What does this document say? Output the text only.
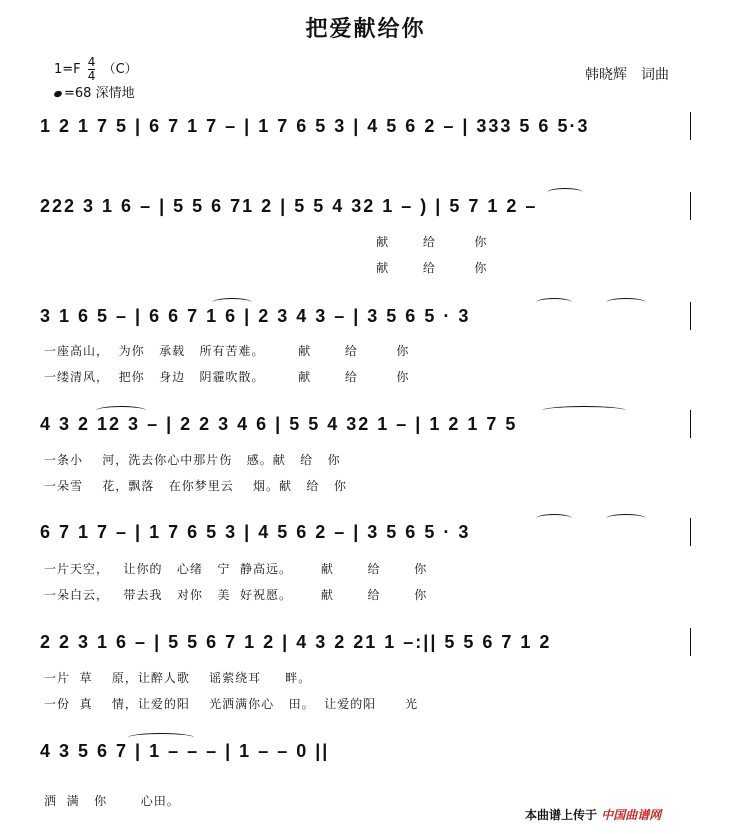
把爱献给你
$1=F \frac{4}{4} (C)$
=68 深情地
韩晓辉　词曲
1 2 1 7 5 | 6 7 1 7 – | 1 7 6 5 3 | 4 5 6 2 – | 333 5 6 5·3
222 3 1 6 – | 5 5 6 71 2 | 5 5 4 32 1 – ) | 5 7 1 2 –
献       给        你
献       给        你
3 1 6 5 – | 6 6 7 1 6 | 2 3 4 3 – | 3 5 6 5 · 3
一座高山，  为你   承载   所有苦难。       献       给        你
一缕清风，  把你   身边   阴霾吹散。       献       给        你
4 3 2 12 3 – | 2 2 3 4 6 | 5 5 4 32 1 – | 1 2 1 7 5
一条小    河，洗去你心中那片伤   感。献   给   你
一朵雪    花，飘落   在你梦里云    烟。献   给   你
6 7 1 7 – | 1 7 6 5 3 | 4 5 6 2 – | 3 5 6 5 · 3
一片天空，   让你的   心绪   宁  静高远。      献       给       你
一朵白云，   带去我   对你   美  好祝愿。      献       给       你
2 2 3 1 6 – | 5 5 6 7 1 2 | 4 3 2 21 1 –:|| 5 5 6 7 1 2
一片  草    原，让醉人歌    谣萦绕耳     畔。
一份  真    情，让爱的阳    光洒满你心   田。  让爱的阳      光
4 3 5 6 7 | 1 – – – | 1 – – 0 ||
洒  满   你       心田。
本曲谱上传于 中国曲谱网
